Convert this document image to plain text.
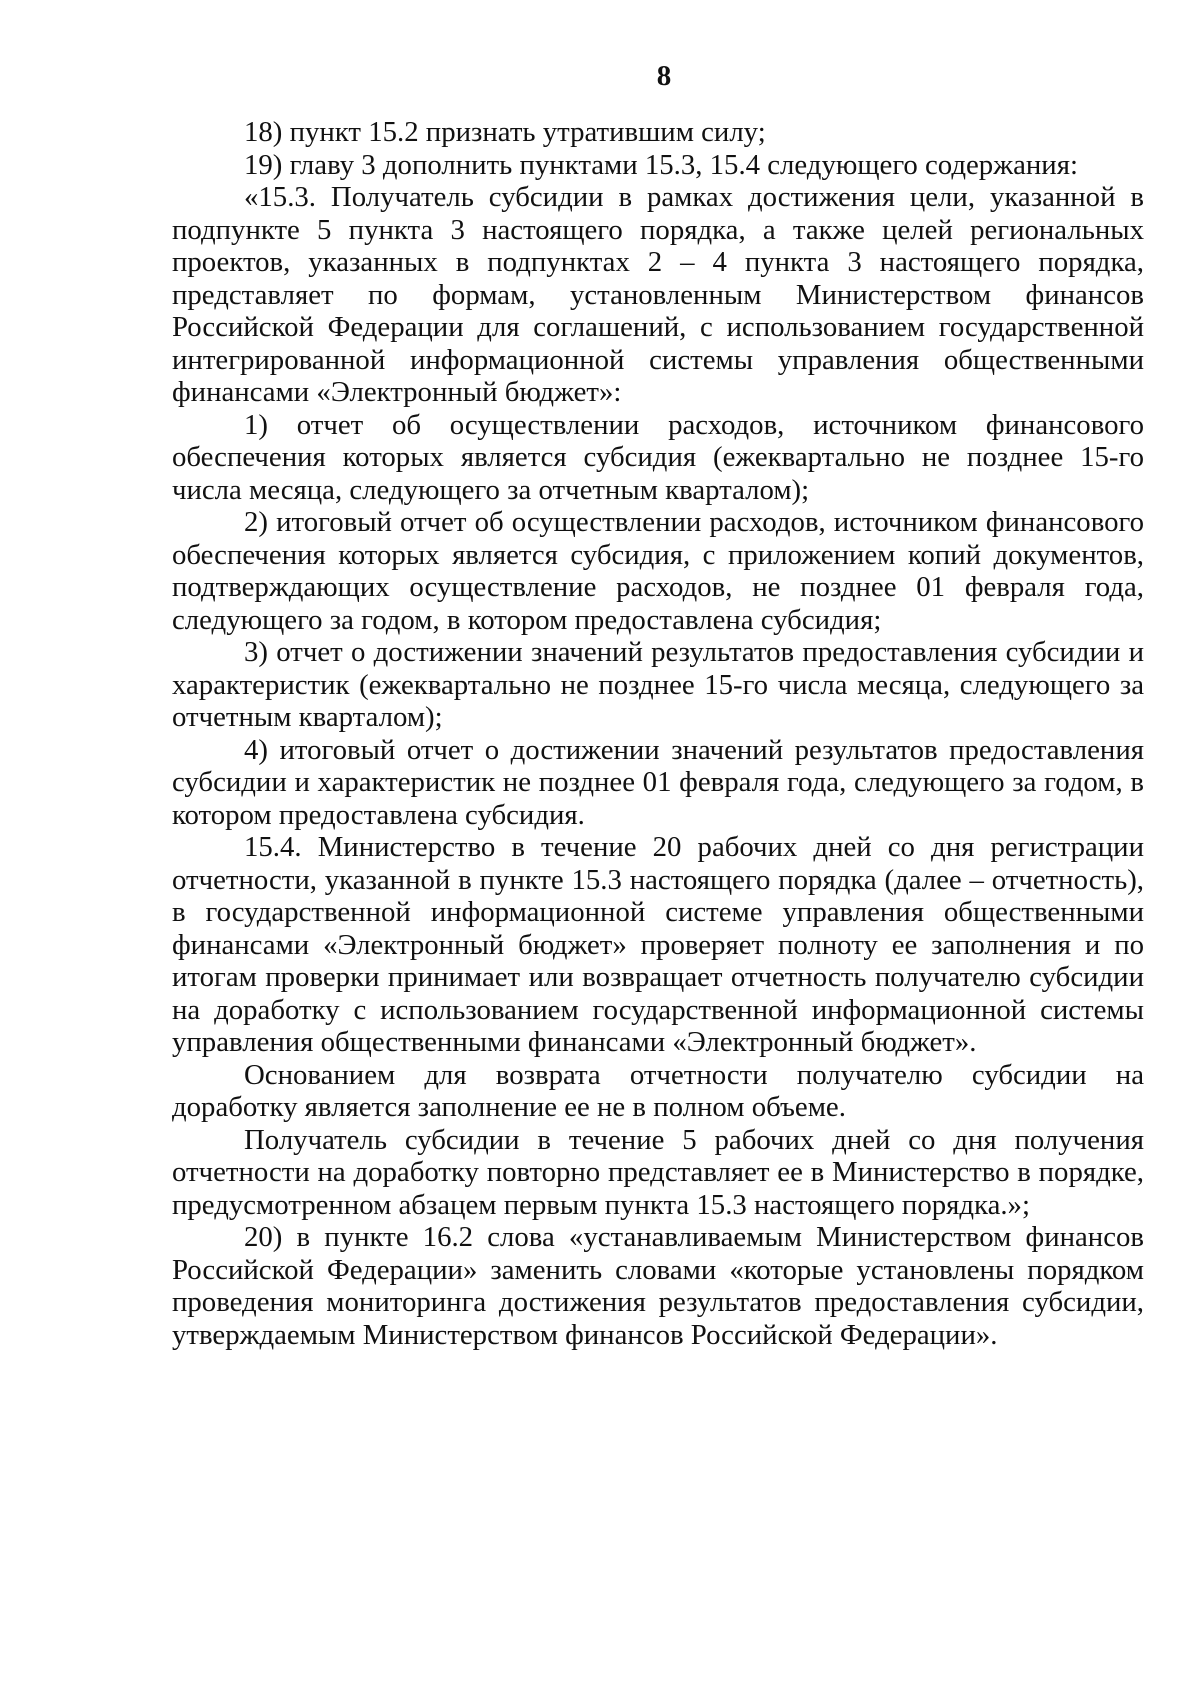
8

18) пункт 15.2 признать утратившим силу;

19) главу 3 дополнить пунктами 15.3, 15.4 следующего содержания:

«15.3. Получатель субсидии в рамках достижения цели, указанной в подпункте 5 пункта 3 настоящего порядка, а также целей региональных проектов, указанных в подпунктах 2 – 4 пункта 3 настоящего порядка, представляет по формам, установленным Министерством финансов Российской Федерации для соглашений, с использованием государственной интегрированной информационной системы управления общественными финансами «Электронный бюджет»:

1) отчет об осуществлении расходов, источником финансового обеспечения которых является субсидия (ежеквартально не позднее 15-го числа месяца, следующего за отчетным кварталом);

2) итоговый отчет об осуществлении расходов, источником финансового обеспечения которых является субсидия, с приложением копий документов, подтверждающих осуществление расходов, не позднее 01 февраля года, следующего за годом, в котором предоставлена субсидия;

3) отчет о достижении значений результатов предоставления субсидии и характеристик (ежеквартально не позднее 15-го числа месяца, следующего за отчетным кварталом);

4) итоговый отчет о достижении значений результатов предоставления субсидии и характеристик не позднее 01 февраля года, следующего за годом, в котором предоставлена субсидия.

15.4. Министерство в течение 20 рабочих дней со дня регистрации отчетности, указанной в пункте 15.3 настоящего порядка (далее – отчетность), в государственной информационной системе управления общественными финансами «Электронный бюджет» проверяет полноту ее заполнения и по итогам проверки принимает или возвращает отчетность получателю субсидии на доработку с использованием государственной информационной системы управления общественными финансами «Электронный бюджет».

Основанием для возврата отчетности получателю субсидии на доработку является заполнение ее не в полном объеме.

Получатель субсидии в течение 5 рабочих дней со дня получения отчетности на доработку повторно представляет ее в Министерство в порядке, предусмотренном абзацем первым пункта 15.3 настоящего порядка.»;

20) в пункте 16.2 слова «устанавливаемым Министерством финансов Российской Федерации» заменить словами «которые установлены порядком проведения мониторинга достижения результатов предоставления субсидии, утверждаемым Министерством финансов Российской Федерации».
